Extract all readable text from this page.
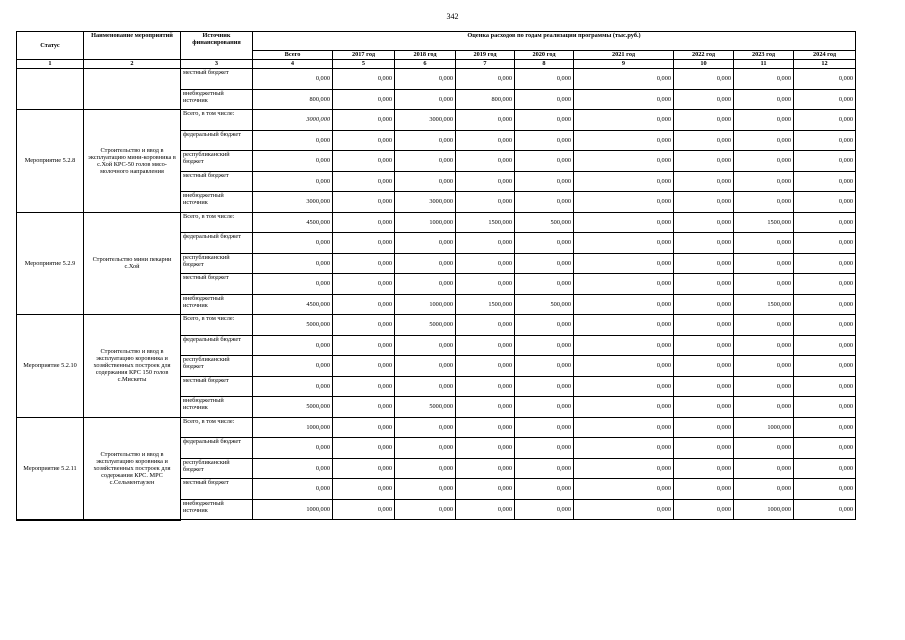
342
Статус	Наименование мероприятий	Источник финансирования	Оценка расходов по годам реализации программы (тыс.руб.)								
			Всего	2017 год	2018 год	2019 год	2020 год	2021 год	2022 год	2023 год	2024 год
1	2	3	4	5	6	7	8	9	10	11	12
		местный бюджет	0,000	0,000	0,000	0,000	0,000	0,000	0,000	0,000	0,000
		внебюджетный источник	800,000	0,000	0,000	800,000	0,000	0,000	0,000	0,000	0,000
Мероприятие 5.2.8	Строительство и ввод в эксплуатацию мини-коровника в с.Хой КРС-50 голов мясо-молочного направления	Всего, в том числе:	3000,000	0,000	3000,000	0,000	0,000	0,000	0,000	0,000	0,000
		федеральный бюджет	0,000	0,000	0,000	0,000	0,000	0,000	0,000	0,000	0,000
		республиканский бюджет	0,000	0,000	0,000	0,000	0,000	0,000	0,000	0,000	0,000
		местный бюджет	0,000	0,000	0,000	0,000	0,000	0,000	0,000	0,000	0,000
		внебюджетный источник	3000,000	0,000	3000,000	0,000	0,000	0,000	0,000	0,000	0,000
Мероприятие 5.2.9	Строительство мини пекарни с.Хой	Всего, в том числе:	4500,000	0,000	1000,000	1500,000	500,000	0,000	0,000	1500,000	0,000
		федеральный бюджет	0,000	0,000	0,000	0,000	0,000	0,000	0,000	0,000	0,000
		республиканский бюджет	0,000	0,000	0,000	0,000	0,000	0,000	0,000	0,000	0,000
		местный бюджет	0,000	0,000	0,000	0,000	0,000	0,000	0,000	0,000	0,000
		внебюджетный источник	4500,000	0,000	1000,000	1500,000	500,000	0,000	0,000	1500,000	0,000
Мероприятие 5.2.10	Строительство и ввод в эксплуатацию коровника и хозяйственных построек для содержания КРС 150 голов с.Мискеты	Всего, в том числе:	5000,000	0,000	5000,000	0,000	0,000	0,000	0,000	0,000	0,000
		федеральный бюджет	0,000	0,000	0,000	0,000	0,000	0,000	0,000	0,000	0,000
		республиканский бюджет	0,000	0,000	0,000	0,000	0,000	0,000	0,000	0,000	0,000
		местный бюджет	0,000	0,000	0,000	0,000	0,000	0,000	0,000	0,000	0,000
		внебюджетный источник	5000,000	0,000	5000,000	0,000	0,000	0,000	0,000	0,000	0,000
Мероприятие 5.2.11	Строительство и ввод в эксплуатацию коровника и хозяйственных построек для содержания КРС. МРС с.Сельментаузен	Всего, в том числе:	1000,000	0,000	0,000	0,000	0,000	0,000	0,000	1000,000	0,000
		федеральный бюджет	0,000	0,000	0,000	0,000	0,000	0,000	0,000	0,000	0,000
		республиканский бюджет	0,000	0,000	0,000	0,000	0,000	0,000	0,000	0,000	0,000
		местный бюджет	0,000	0,000	0,000	0,000	0,000	0,000	0,000	0,000	0,000
		внебюджетный источник	1000,000	0,000	0,000	0,000	0,000	0,000	0,000	1000,000	0,000
